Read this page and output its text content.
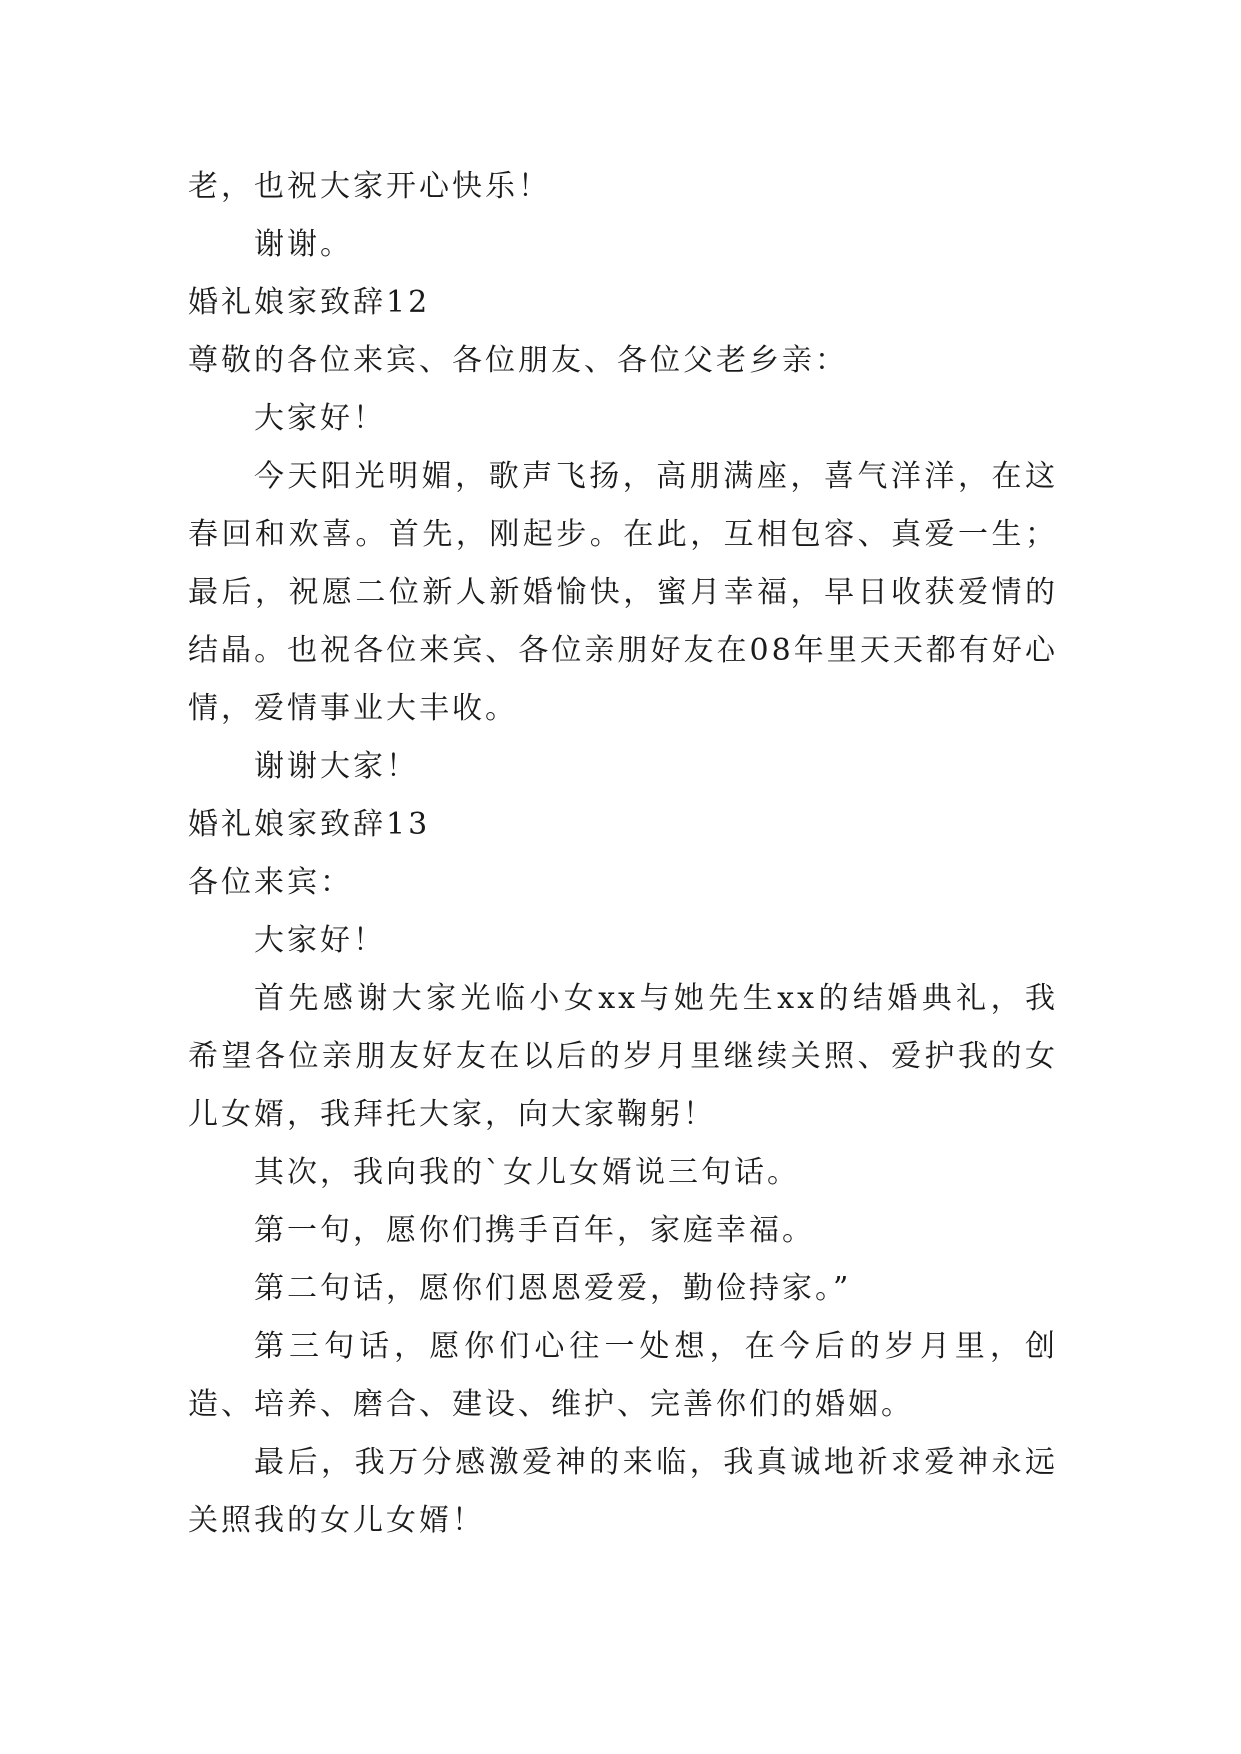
老，也祝大家开心快乐！

谢谢。

婚礼娘家致辞12

尊敬的各位来宾、各位朋友、各位父老乡亲：

大家好！

今天阳光明媚，歌声飞扬，高朋满座，喜气洋洋，在这春回和欢喜。首先，刚起步。在此，互相包容、真爱一生；最后，祝愿二位新人新婚愉快，蜜月幸福，早日收获爱情的结晶。也祝各位来宾、各位亲朋好友在08年里天天都有好心情，爱情事业大丰收。

谢谢大家！

婚礼娘家致辞13

各位来宾：

大家好！

首先感谢大家光临小女xx与她先生xx的结婚典礼，我希望各位亲朋友好友在以后的岁月里继续关照、爱护我的女儿女婿，我拜托大家，向大家鞠躬！

其次，我向我的`女儿女婿说三句话。

第一句，愿你们携手百年，家庭幸福。

第二句话，愿你们恩恩爱爱，勤俭持家。”

第三句话，愿你们心往一处想，在今后的岁月里，创造、培养、磨合、建设、维护、完善你们的婚姻。

最后，我万分感激爱神的来临，我真诚地祈求爱神永远关照我的女儿女婿！
